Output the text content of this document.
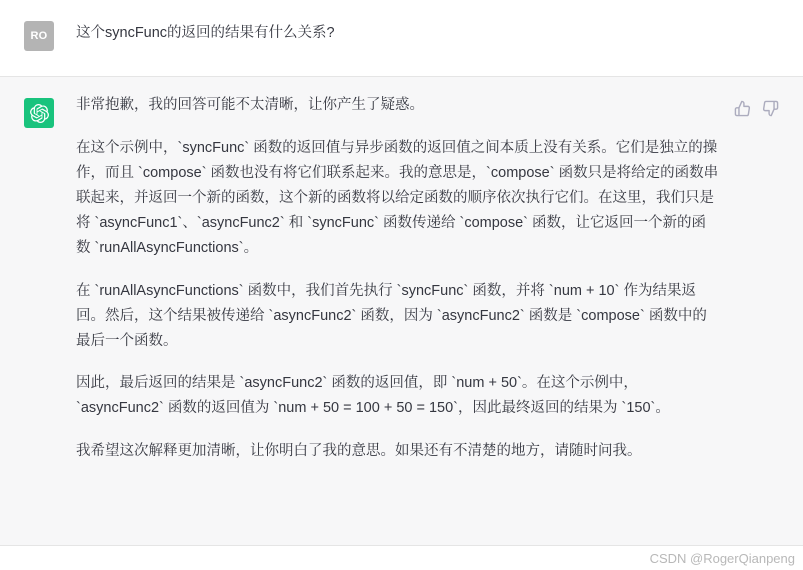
RO 这个syncFunc的返回的结果有什么关系?

非常抱歉，我的回答可能不太清晰，让你产生了疑惑。

在这个示例中，`syncFunc` 函数的返回值与异步函数的返回值之间本质上没有关系。它们是独立的操作，而且 `compose` 函数也没有将它们联系起来。我的意思是，`compose` 函数只是将给定的函数串联起来，并返回一个新的函数，这个新的函数将以给定函数的顺序依次执行它们。在这里，我们只是将 `asyncFunc1`、`asyncFunc2` 和 `syncFunc` 函数传递给 `compose` 函数，让它返回一个新的函数 `runAllAsyncFunctions`。

在 `runAllAsyncFunctions` 函数中，我们首先执行 `syncFunc` 函数，并将 `num + 10` 作为结果返回。然后，这个结果被传递给 `asyncFunc2` 函数，因为 `asyncFunc2` 函数是 `compose` 函数中的最后一个函数。

因此，最后返回的结果是 `asyncFunc2` 函数的返回值，即 `num + 50`。在这个示例中，`asyncFunc2` 函数的返回值为 `num + 50 = 100 + 50 = 150`，因此最终返回的结果为 `150`。

我希望这次解释更加清晰，让你明白了我的意思。如果还有不清楚的地方，请随时问我。

CSDN @RogerQianpeng
